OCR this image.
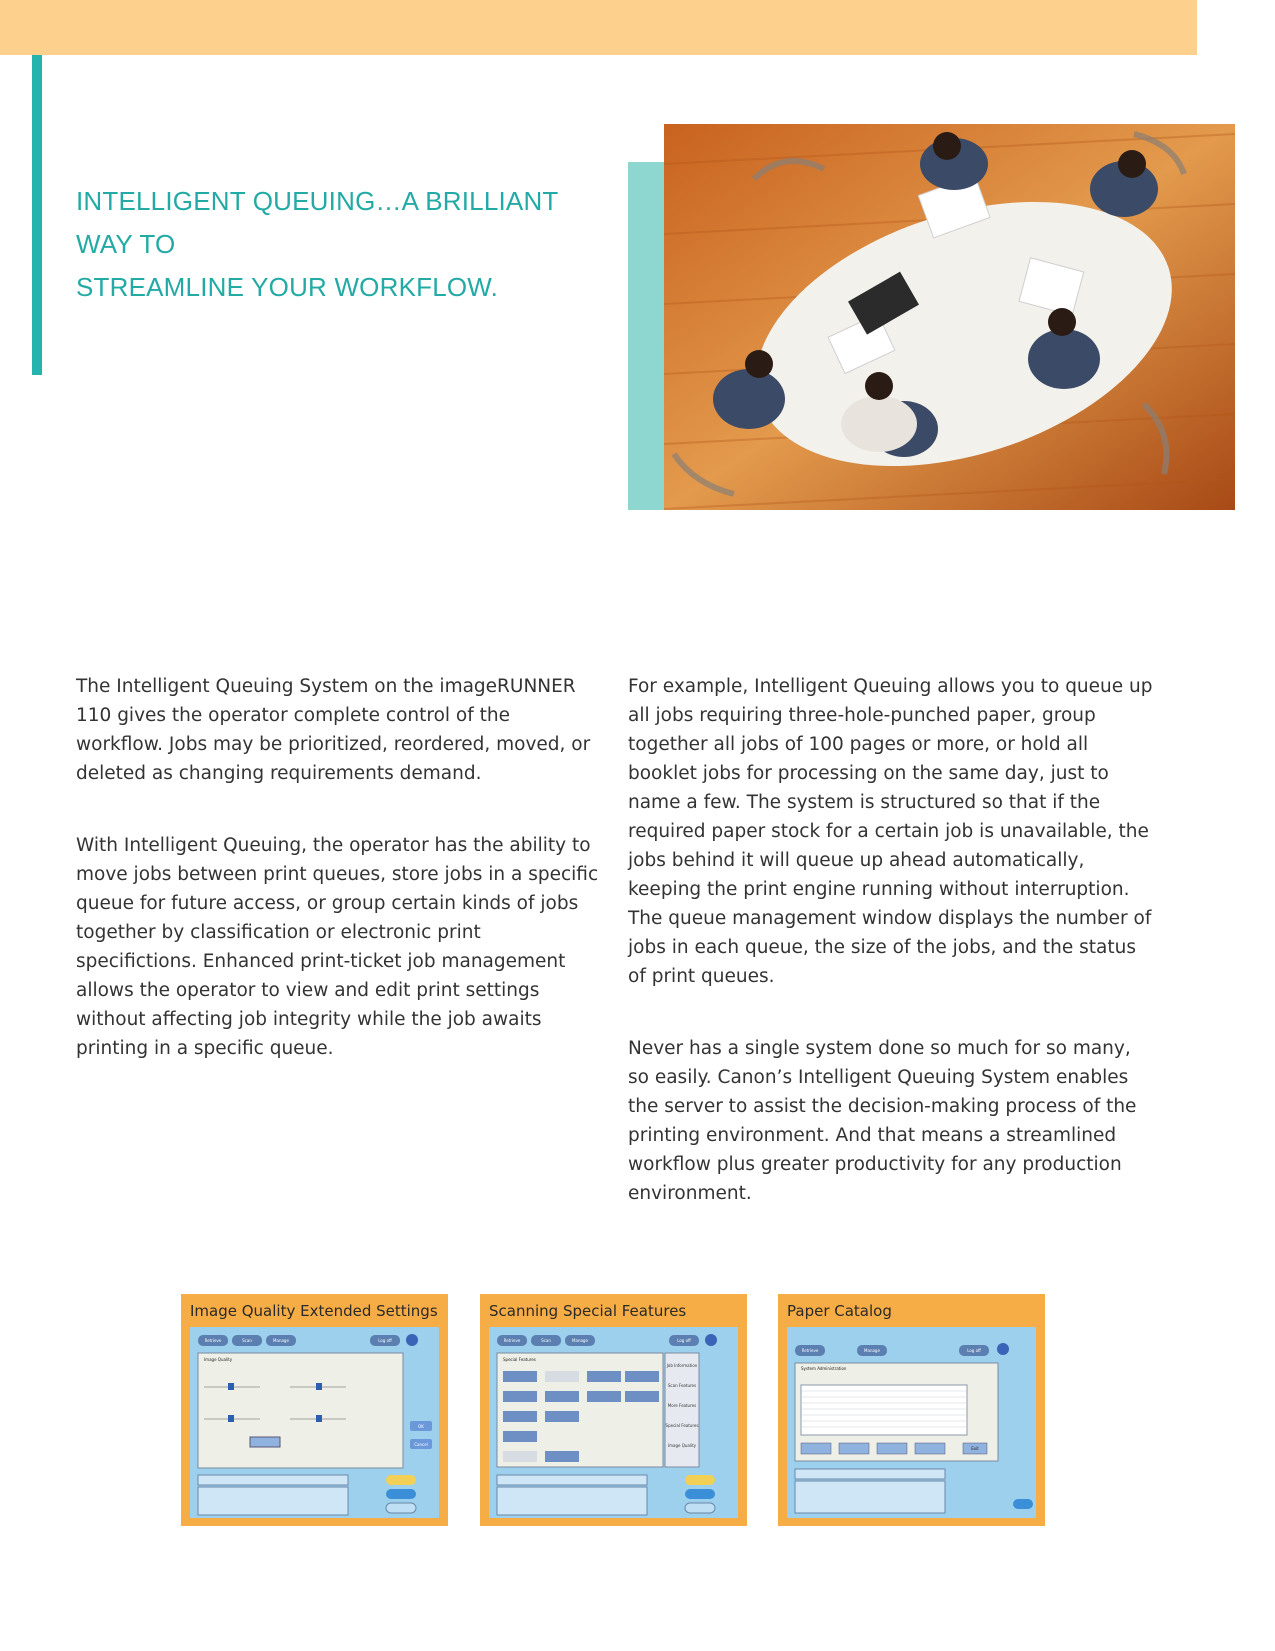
INTELLIGENT QUEUING…A BRILLIANT WAY TO
STREAMLINE YOUR WORKFLOW.

The Intelligent Queuing System on the imageRUNNER 110 gives the operator complete control of the workflow. Jobs may be prioritized, reordered, moved, or deleted as changing requirements demand.

With Intelligent Queuing, the operator has the ability to move jobs between print queues, store jobs in a specific queue for future access, or group certain kinds of jobs together by classification or electronic print specifictions. Enhanced print-ticket job management allows the operator to view and edit print settings without affecting job integrity while the job awaits printing in a specific queue.

For example, Intelligent Queuing allows you to queue up all jobs requiring three-hole-punched paper, group together all jobs of 100 pages or more, or hold all booklet jobs for processing on the same day, just to name a few. The system is structured so that if the required paper stock for a certain job is unavailable, the jobs behind it will queue up ahead automatically, keeping the print engine running without interruption. The queue management window displays the number of jobs in each queue, the size of the jobs, and the status of print queues.

Never has a single system done so much for so many, so easily. Canon’s Intelligent Queuing System enables the server to assist the decision-making process of the printing environment. And that means a streamlined workflow plus greater productivity for any production environment.

Image Quality Extended Settings
Retrieve	Scan	Manage	Log off
Image Quality
OK
Cancel
Scanning Special Features
Retrieve	Scan	Manage	Log off
Special Features
Job Information
Scan Features
More Features
Special Features
Image Quality
Paper Catalog
Retrieve	Manage	Log off
System Administration
Exit
